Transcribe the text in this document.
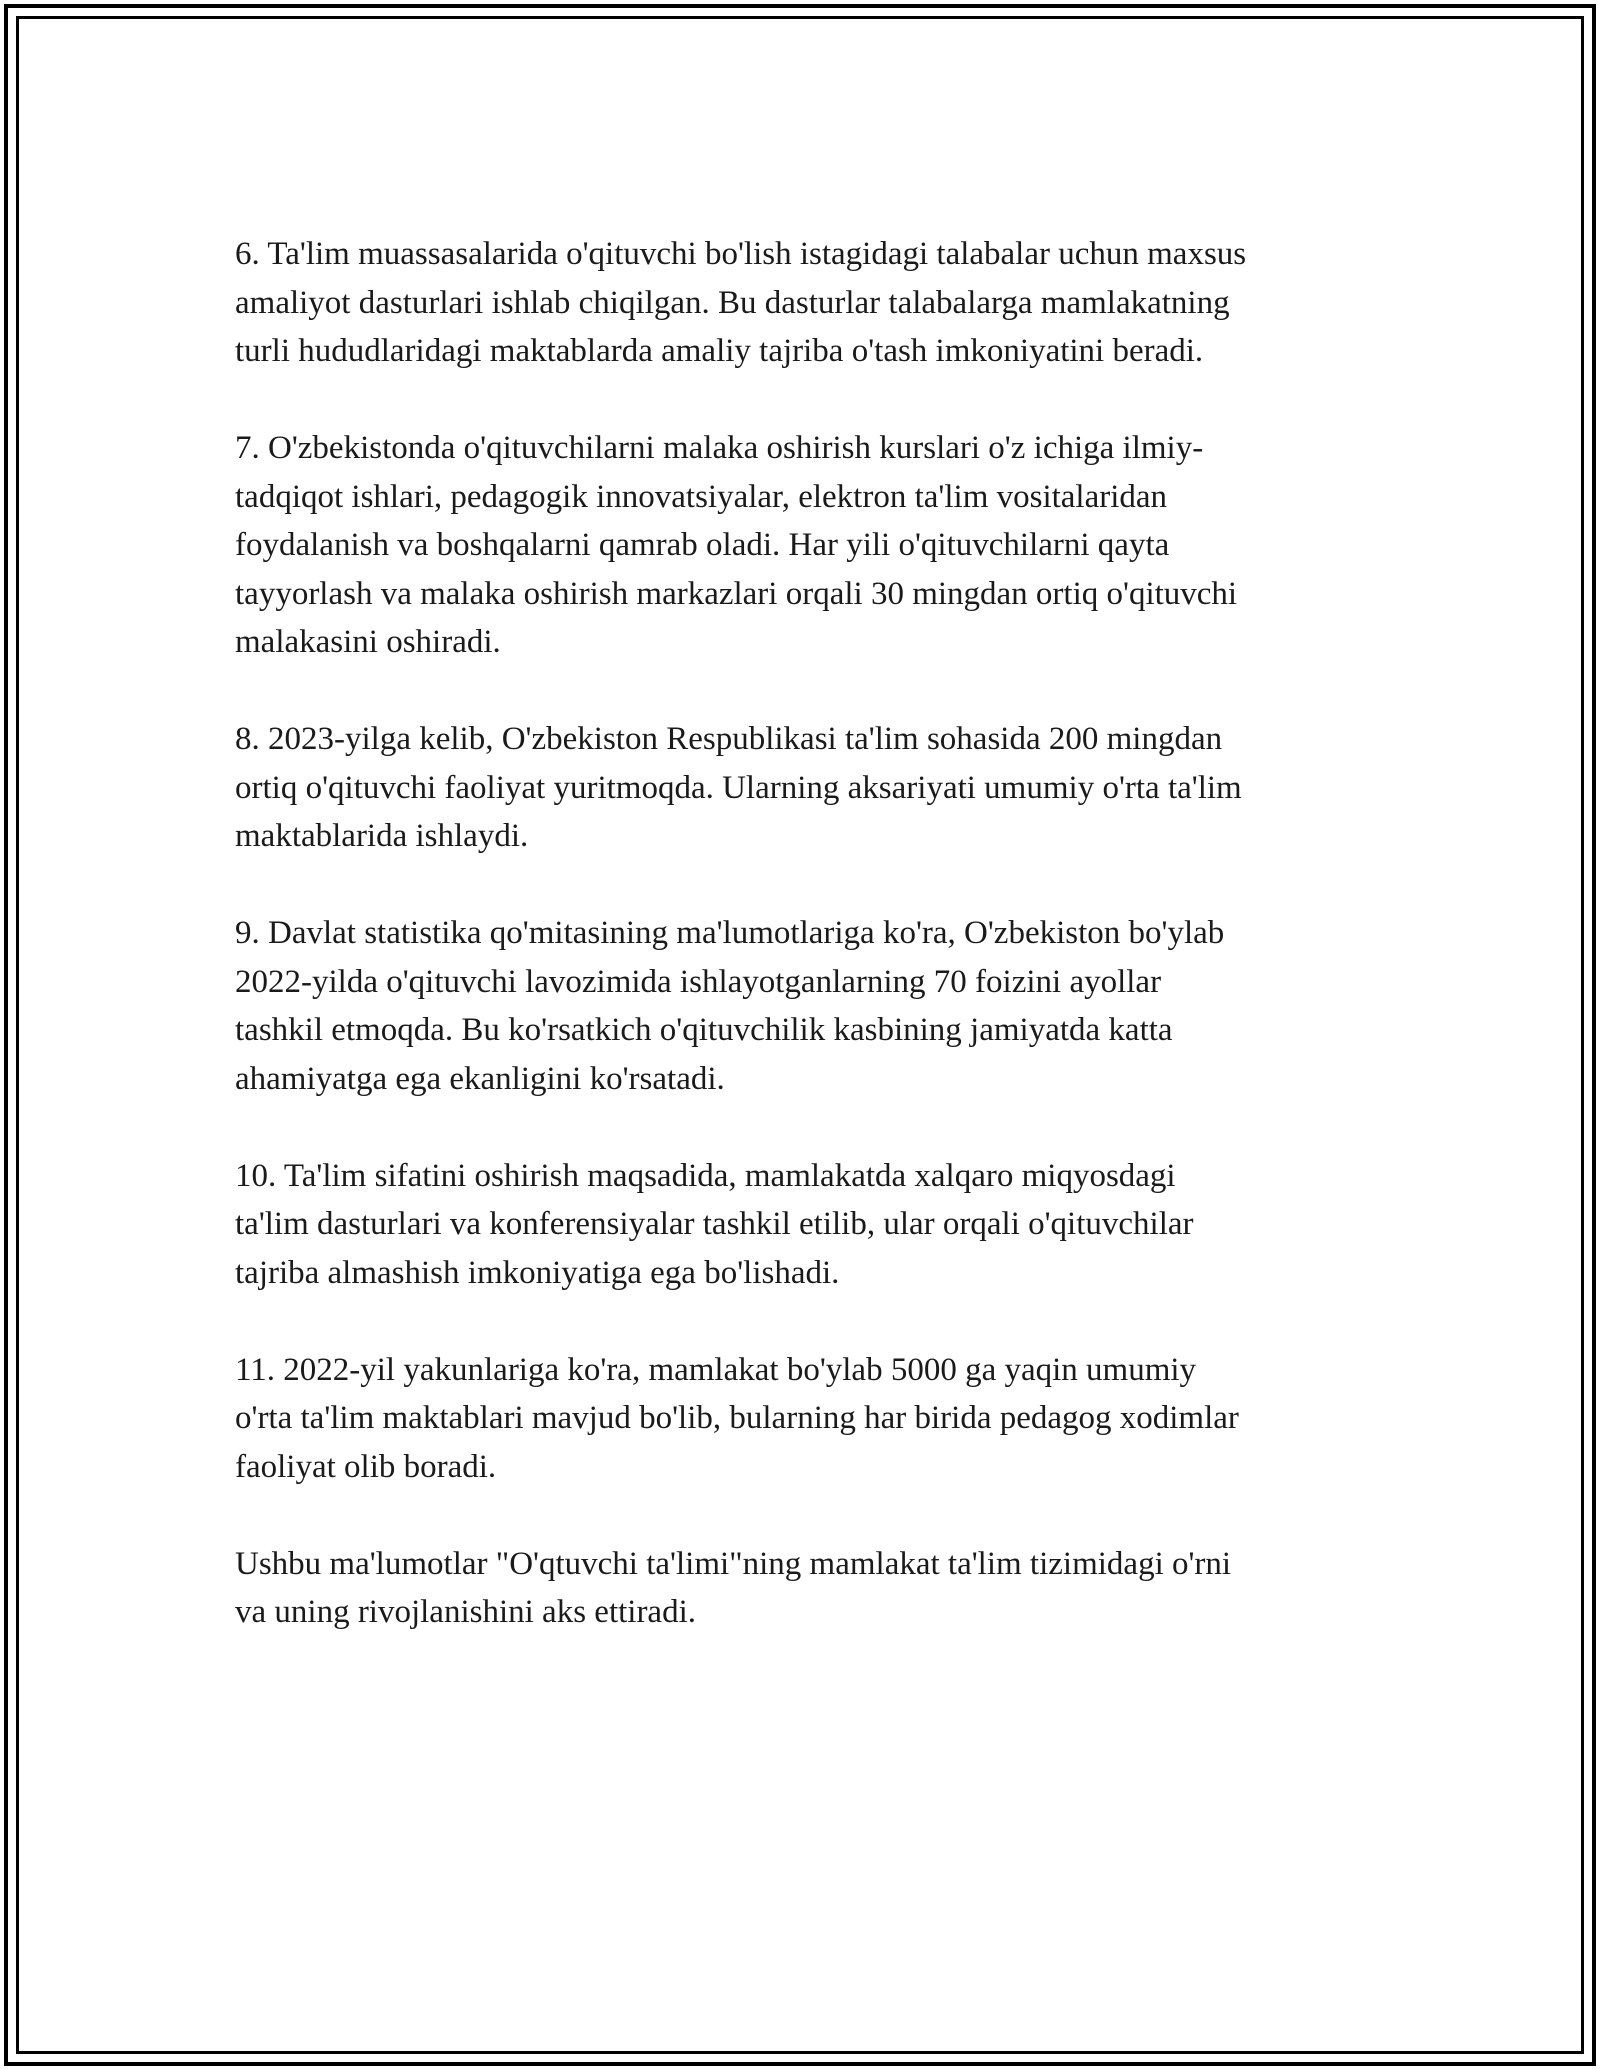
6. Ta'lim muassasalarida o'qituvchi bo'lish istagidagi talabalar uchun maxsus
amaliyot dasturlari ishlab chiqilgan. Bu dasturlar talabalarga mamlakatning
turli hududlaridagi maktablarda amaliy tajriba o'tash imkoniyatini beradi.

7. O'zbekistonda o'qituvchilarni malaka oshirish kurslari o'z ichiga ilmiy-
tadqiqot ishlari, pedagogik innovatsiyalar, elektron ta'lim vositalaridan
foydalanish va boshqalarni qamrab oladi. Har yili o'qituvchilarni qayta
tayyorlash va malaka oshirish markazlari orqali 30 mingdan ortiq o'qituvchi
malakasini oshiradi.

8. 2023-yilga kelib, O'zbekiston Respublikasi ta'lim sohasida 200 mingdan
ortiq o'qituvchi faoliyat yuritmoqda. Ularning aksariyati umumiy o'rta ta'lim
maktablarida ishlaydi.

9. Davlat statistika qo'mitasining ma'lumotlariga ko'ra, O'zbekiston bo'ylab
2022-yilda o'qituvchi lavozimida ishlayotganlarning 70 foizini ayollar
tashkil etmoqda. Bu ko'rsatkich o'qituvchilik kasbining jamiyatda katta
ahamiyatga ega ekanligini ko'rsatadi.

10. Ta'lim sifatini oshirish maqsadida, mamlakatda xalqaro miqyosdagi
ta'lim dasturlari va konferensiyalar tashkil etilib, ular orqali o'qituvchilar
tajriba almashish imkoniyatiga ega bo'lishadi.

11. 2022-yil yakunlariga ko'ra, mamlakat bo'ylab 5000 ga yaqin umumiy
o'rta ta'lim maktablari mavjud bo'lib, bularning har birida pedagog xodimlar
faoliyat olib boradi.

Ushbu ma'lumotlar "O'qtuvchi ta'limi"ning mamlakat ta'lim tizimidagi o'rni
va uning rivojlanishini aks ettiradi.
